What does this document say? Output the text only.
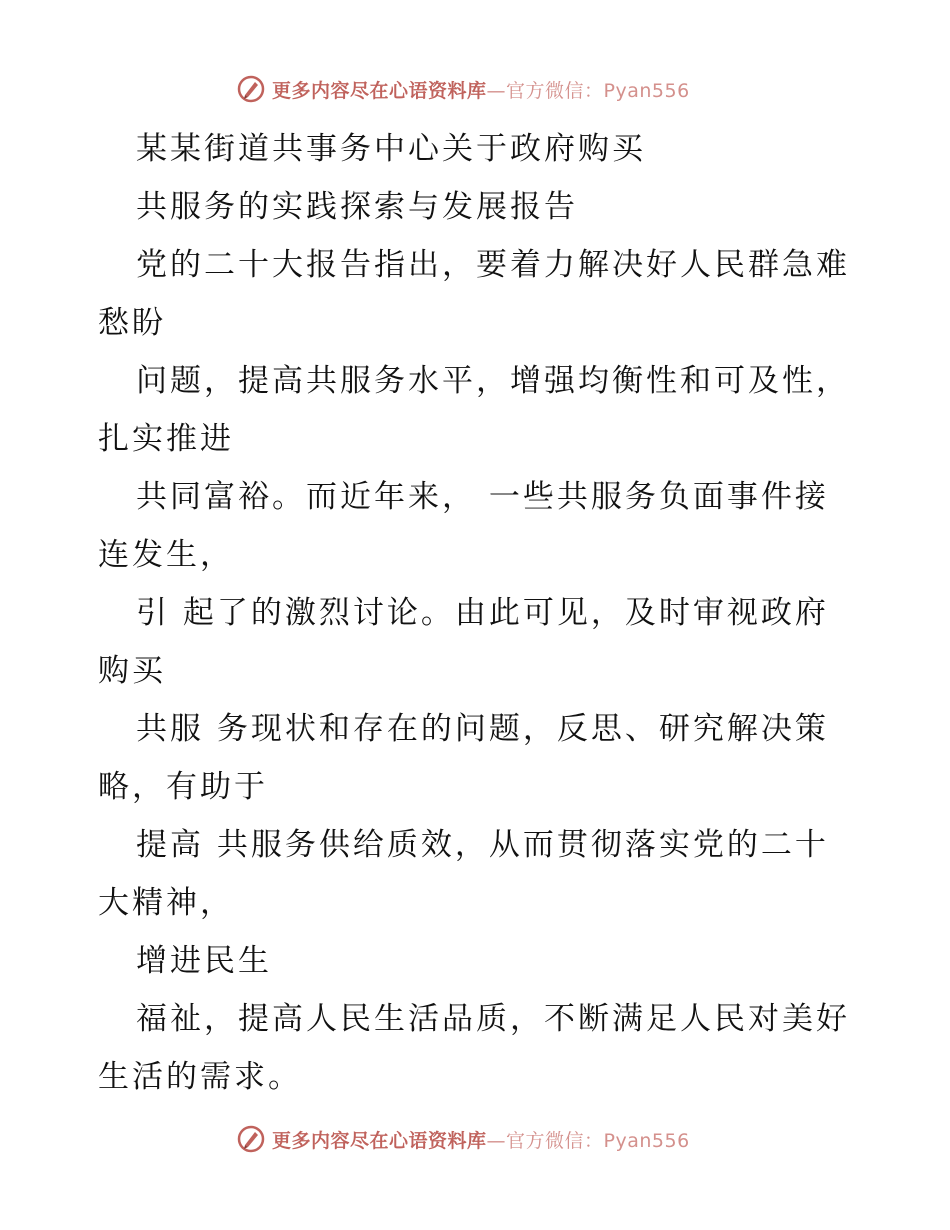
更多内容尽在心语资料库—官方微信：Pyan556
某某街道共事务中心关于政府购买
共服务的实践探索与发展报告
党的二十大报告指出，要着力解决好人民群急难
愁盼
问题，提高共服务水平，增强均衡性和可及性，
扎实推进
共同富裕。而近年来， 一些共服务负面事件接
连发生，
引 起了的激烈讨论。由此可见，及时审视政府
购买
共服 务现状和存在的问题，反思、研究解决策
略，有助于
提高 共服务供给质效，从而贯彻落实党的二十
大精神，
增进民生
福祉，提高人民生活品质，不断满足人民对美好
生活的需求。
更多内容尽在心语资料库—官方微信：Pyan556
